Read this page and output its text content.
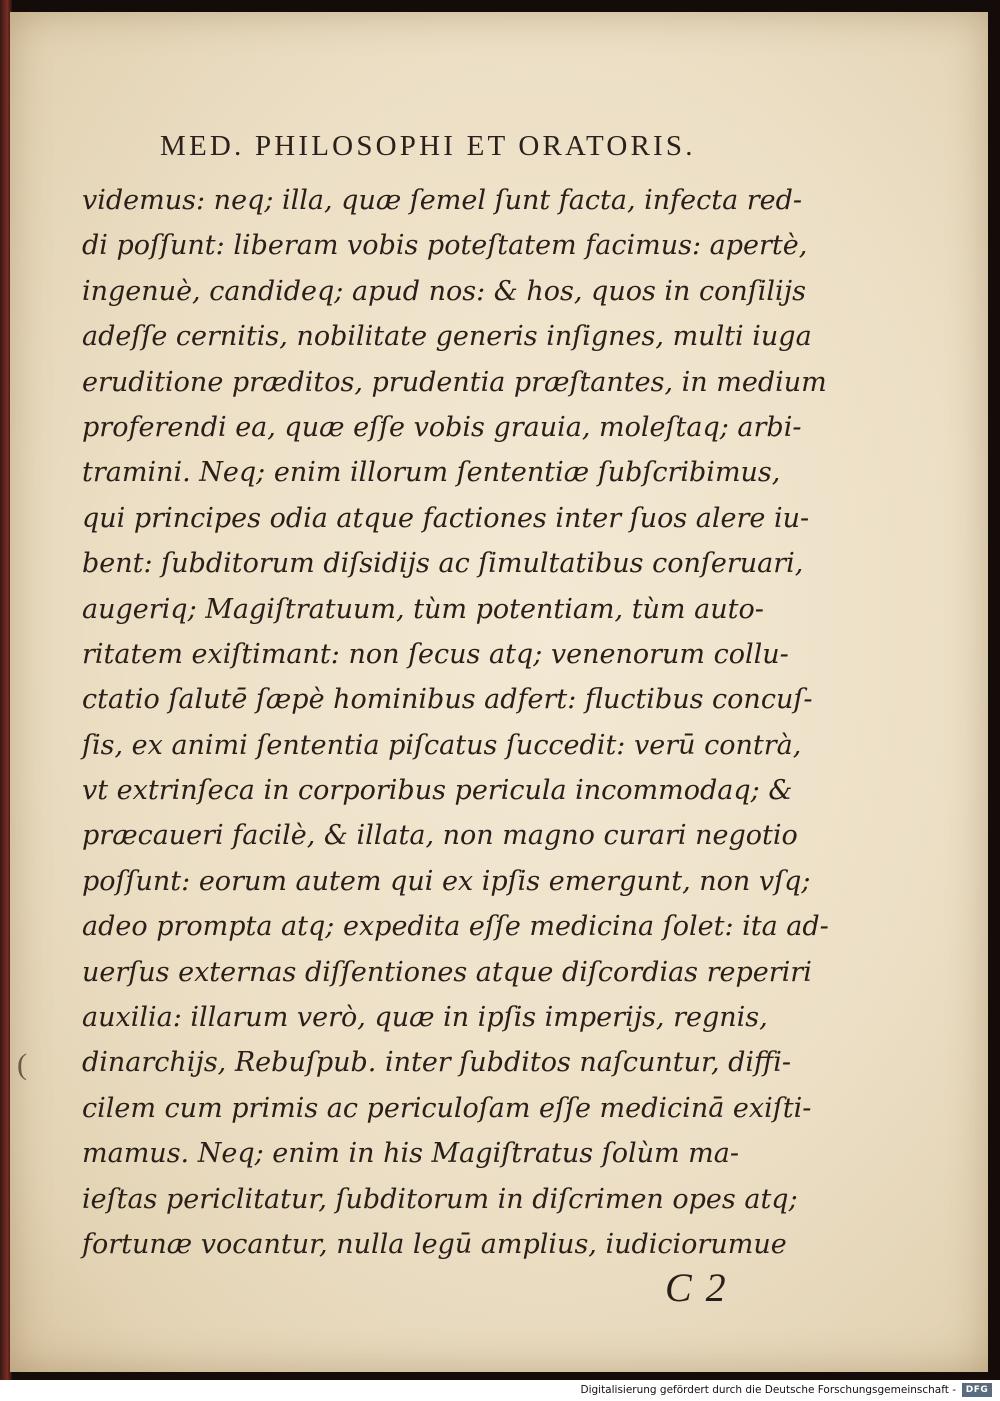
MED. PHILOSOPHI ET ORATORIS.
videmus: neq; illa, quæ ſemel ſunt facta, infecta red-
di poſſunt: liberam vobis poteſtatem facimus: apertè,
ingenuè, candideq; apud nos: & hos, quos in conſilijs
adeſſe cernitis, nobilitate generis inſignes, multi iuga
eruditione præditos, prudentia præſtantes, in medium
proferendi ea, quæ eſſe vobis grauia, moleſtaq; arbi-
tramini. Neq; enim illorum ſententiæ ſubſcribimus,
qui principes odia atque factiones inter ſuos alere iu-
bent: ſubditorum diſsidijs ac ſimultatibus conſeruari,
augeriq; Magiſtratuum, tùm potentiam, tùm auto-
ritatem exiſtimant: non ſecus atq; venenorum collu-
ctatio ſalutē ſæpè hominibus adfert: fluctibus concuſ-
ſis, ex animi ſententia piſcatus ſuccedit: verū contrà,
vt extrinſeca in corporibus pericula incommodaq; &
præcaueri facilè, & illata, non magno curari negotio
poſſunt: eorum autem qui ex ipſis emergunt, non vſq;
adeo prompta atq; expedita eſſe medicina ſolet: ita ad-
uerſus externas diſſentiones atque diſcordias reperiri
auxilia: illarum verò, quæ in ipſis imperijs, regnis,
dinarchijs, Rebuſpub. inter ſubditos naſcuntur, diffi-
cilem cum primis ac periculoſam eſſe medicinā exiſti-
mamus. Neq; enim in his Magiſtratus ſolùm ma-
ieſtas periclitatur, ſubditorum in diſcrimen opes atq;
fortunæ vocantur, nulla legū amplius, iudiciorumue
C 2
(
Digitalisierung gefördert durch die Deutsche Forschungsgemeinschaft -	DFG
